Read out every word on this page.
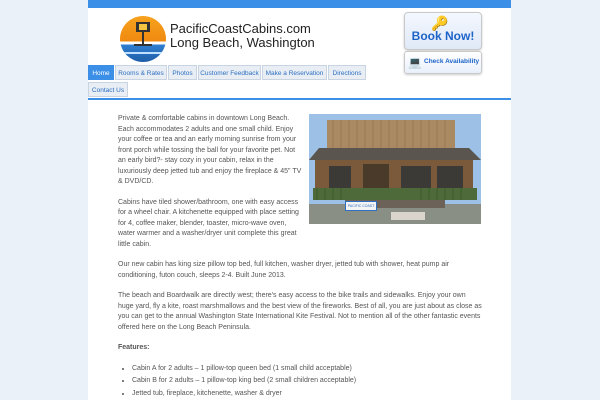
PacificCoastCabins.com
Long Beach, Washington
🔑
Book Now!
💻 Check Availability
Home	Rooms & Rates	Photos	Customer Feedback	Make a Reservation	Directions
Contact Us
PACIFIC COAST

Private & comfortable cabins in downtown Long Beach. Each accommodates 2 adults and one small child. Enjoy your coffee or tea and an early morning sunrise from your front porch while tossing the ball for your favorite pet. Not an early bird?- stay cozy in your cabin, relax in the luxuriously deep jetted tub and enjoy the fireplace & 45" TV & DVD/CD.

Cabins have tiled shower/bathroom, one with easy access for a wheel chair. A kitchenette equipped with place setting for 4, coffee maker, blender, toaster, micro-wave oven, water warmer and a washer/dryer unit complete this great little cabin.

Our new cabin has king size pillow top bed, full kitchen, washer dryer, jetted tub with shower, heat pump air conditioning, futon couch, sleeps 2-4. Built June 2013.

The beach and Boardwalk are directly west; there's easy access to the bike trails and sidewalks. Enjoy your own huge yard, fly a kite, roast marshmallows and the best view of the fireworks. Best of all, you are just about as close as you can get to the annual Washington State International Kite Festival. Not to mention all of the other fantastic events offered here on the Long Beach Peninsula.

Features:
• Cabin A for 2 adults – 1 pillow-top queen bed (1 small child acceptable)
• Cabin B for 2 adults – 1 pillow-top king bed (2 small children acceptable)
• Jetted tub, fireplace, kitchenette, washer & dryer
